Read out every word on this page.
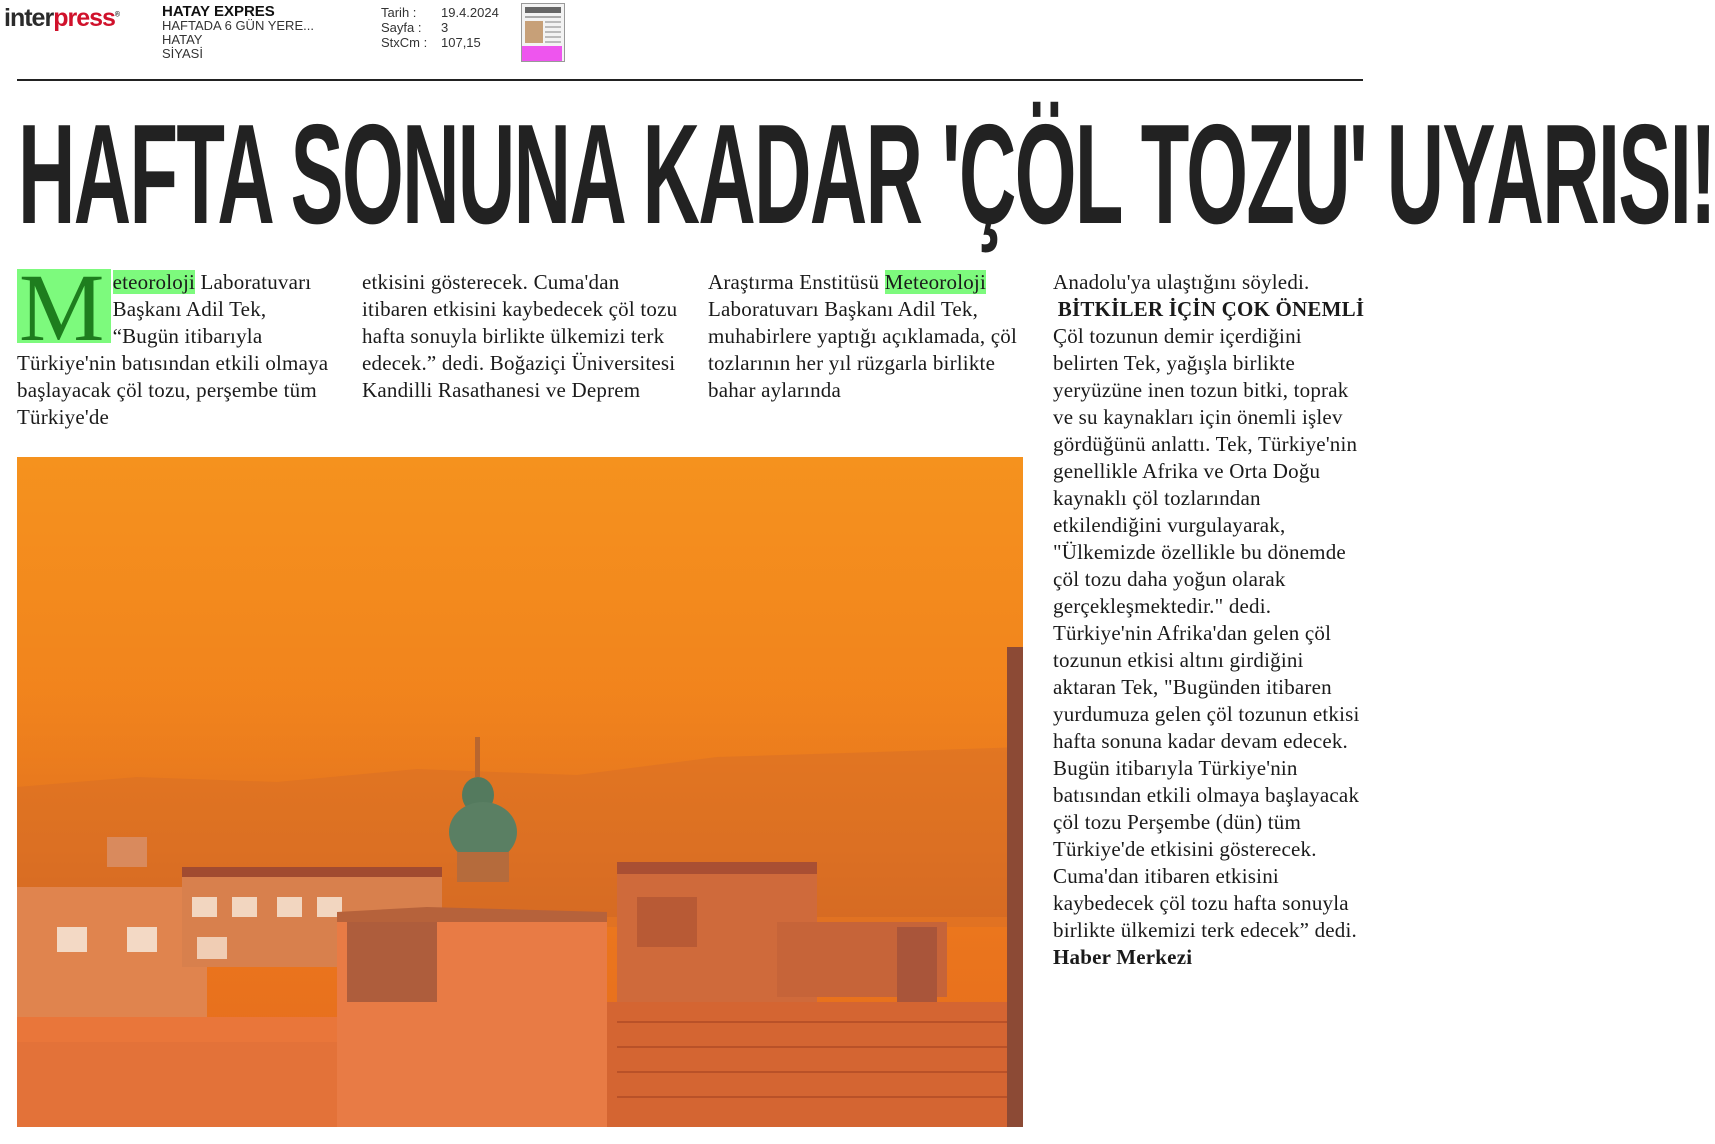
interpress®	HATAY EXPRES
HAFTADA 6 GÜN YERE...
HATAY
SİYASİ
Tarih :	19.4.2024
Sayfa :	3
StxCm :	107,15
HAFTA SONUNA KADAR 'ÇÖL TOZU' UYARISI!

M eteoroloji Laboratuvarı Başkanı Adil Tek, “Bugün itibarıyla Türkiye'nin batısından etkili olmaya başlayacak çöl tozu, perşembe tüm Türkiye'de

etkisini gösterecek. Cuma'dan itibaren etkisini kaybedecek çöl tozu hafta sonuyla birlikte ülkemizi terk edecek.” dedi. Boğaziçi Üniversitesi Kandilli Rasathanesi ve Deprem

Araştırma Enstitüsü Meteoroloji Laboratuvarı Başkanı Adil Tek, muhabirlere yaptığı açıklamada, çöl tozlarının her yıl rüzgarla birlikte bahar aylarında

Anadolu'ya ulaştığını söyledi.

BİTKİLER İÇİN ÇOK ÖNEMLİ

Çöl tozunun demir içerdiğini belirten Tek, yağışla birlikte yeryüzüne inen tozun bitki, toprak ve su kaynakları için önemli işlev gördüğünü anlattı. Tek, Türkiye'nin genellikle Afrika ve Orta Doğu kaynaklı çöl tozlarından etkilendiğini vurgulayarak, "Ülkemizde özellikle bu dönemde çöl tozu daha yoğun olarak gerçekleşmektedir." dedi. Türkiye'nin Afrika'dan gelen çöl tozunun etkisi altını girdiğini aktaran Tek, "Bugünden itibaren yurdumuza gelen çöl tozunun etkisi hafta sonuna kadar devam edecek. Bugün itibarıyla Türkiye'nin batısından etkili olmaya başlayacak çöl tozu Perşembe (dün) tüm Türkiye'de etkisini gösterecek. Cuma'dan itibaren etkisini kaybedecek çöl tozu hafta sonuyla birlikte ülkemizi terk edecek” dedi.

Haber Merkezi
